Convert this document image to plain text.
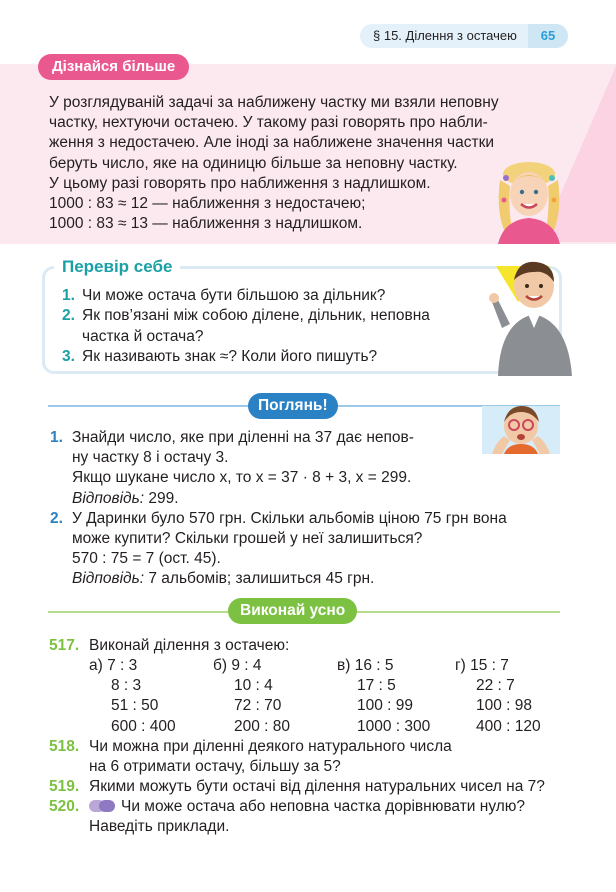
§ 15. Ділення з остачею	65
Дізнайся більше
У розглядуваній задачі за наближену частку ми взяли неповну
частку, нехтуючи остачею. У такому разі говорять про набли-
ження з недостачею. Але іноді за наближене значення частки
беруть число, яке на одиницю більше за неповну частку.
У цьому разі говорять про наближення з надлишком.
1000 : 83 ≈ 12 — наближення з недостачею;
1000 : 83 ≈ 13 — наближення з надлишком.
Перевір себе
1. Чи може остача бути більшою за дільник?
2. Як пов’язані між собою ділене, дільник, неповна
частка й остача?
3. Як називають знак ≈? Коли його пишуть?
Поглянь!
1. Знайди число, яке при діленні на 37 дає непов-
ну частку 8 і остачу 3.
Якщо шукане число x, то x = 37 · 8 + 3, x = 299.
Відповідь: 299.
2. У Даринки було 570 грн. Скільки альбомів ціною 75 грн вона
може купити? Скільки грошей у неї залишиться?
570 : 75 = 7 (ост. 45).
Відповідь: 7 альбомів; залишиться 45 грн.
Виконай усно
517. Виконай ділення з остачею:
а) 7 : 3
8 : 3
51 : 50
600 : 400
б) 9 : 4
10 : 4
72 : 70
200 : 80
в) 16 : 5
17 : 5
100 : 99
1000 : 300
г) 15 : 7
22 : 7
100 : 98
400 : 120
518. Чи можна при діленні деякого натурального числа
на 6 отримати остачу, більшу за 5?
519. Якими можуть бути остачі від ділення натуральних чисел на 7?
520.	Чи може остача або неповна частка дорівнювати нулю?
Наведіть приклади.
